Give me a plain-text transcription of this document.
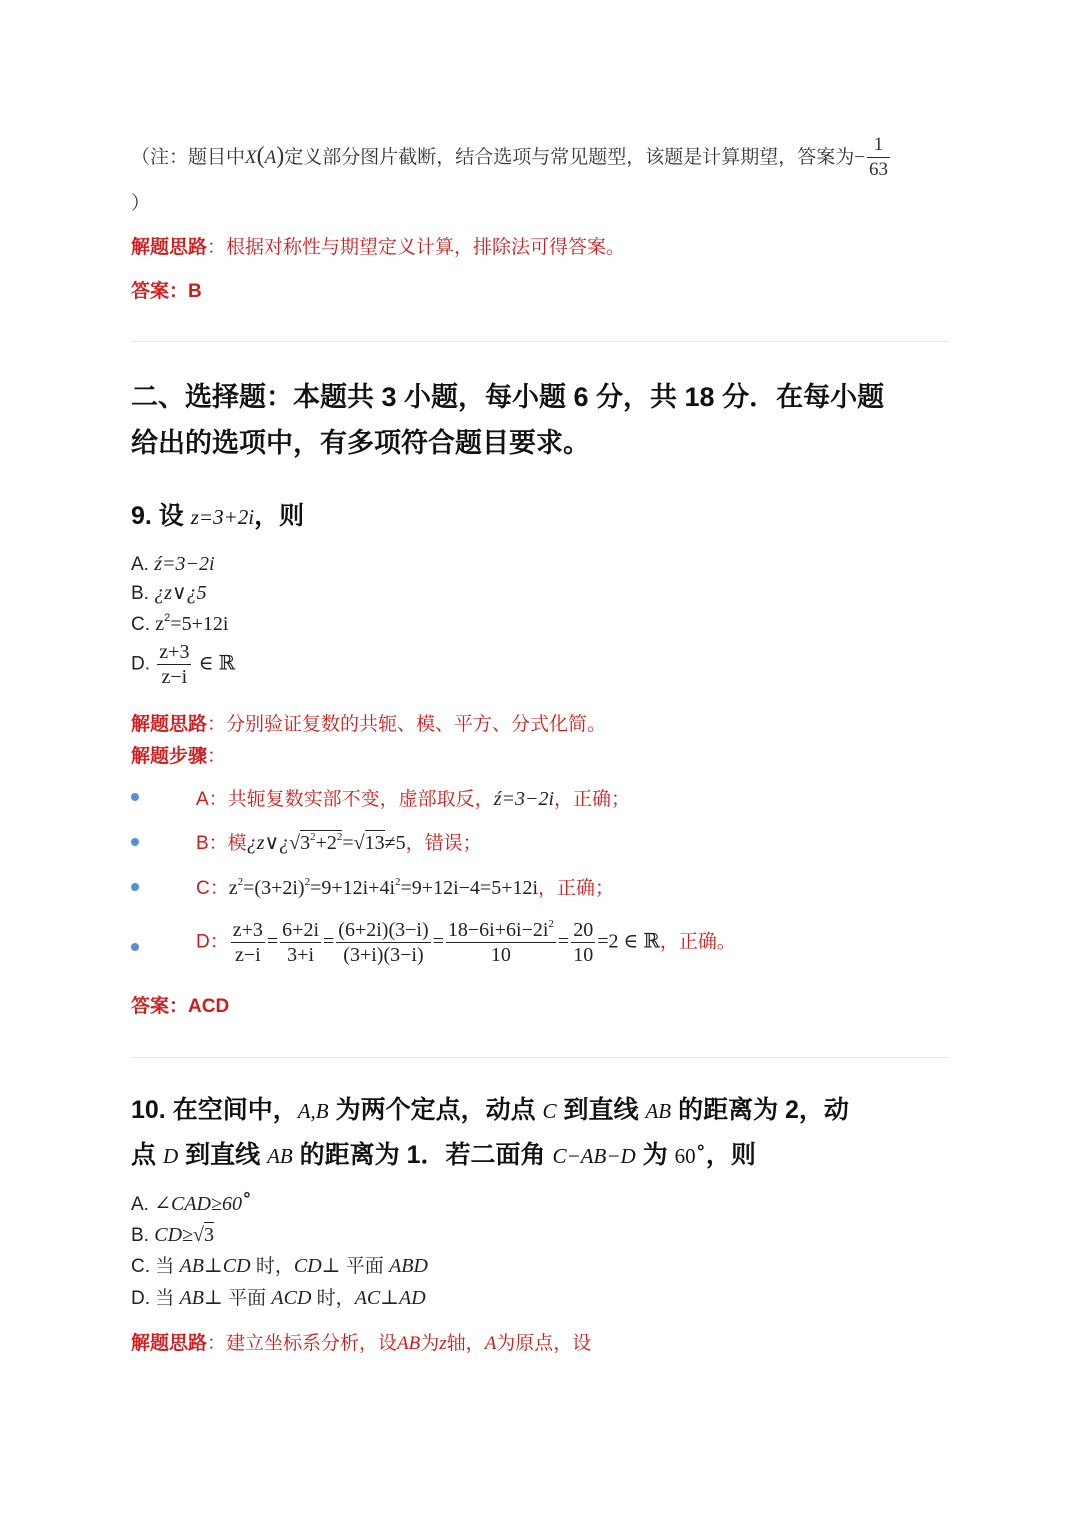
（注：题目中X(A)定义部分图片截断，结合选项与常见题型，该题是计算期望，答案为− $\frac{1}{63}$
）
解题思路：根据对称性与期望定义计算，排除法可得答案。
答案：B
二、选择题：本题共 3 小题，每小题 6 分，共 18 分．在每小题
给出的选项中，有多项符合题目要求。
9. 设 z=3+2i，则
A. ź=3−2i
B. ¿z∨¿5
C. $z^2=5+12i$
D. $\frac{z+3}{z-i}$ ∈ ℝ
解题思路：分别验证复数的共轭、模、平方、分式化简。
解题步骤：
A：共轭复数实部不变，虚部取反，ź=3−2i，正确；
B：模¿$z\vee¿√3^2+2^2=√13\ne 5$，错误；
C：$z^2=(3+2i)^2=9+12i+4i^2=9+12i-4=5+12i$，正确；
D： $\frac{z+3}{z-i} = \frac{6+2i}{3+i} = \frac{(6+2i)(3-i)}{(3+i)(3-i)} = \frac{18-6i+6i-2i^2}{10} = \frac{20}{10} =2$ ∈ ℝ，正确。
答案：ACD
10. 在空间中，A,B 为两个定点，动点 C 到直线 AB 的距离为 2，动
点 D 到直线 AB 的距离为 1．若二面角 C−AB−D 为 60∘，则
A. ∠CAD≥60∘
B. CD≥√3
C. 当 AB⊥CD 时，CD⊥ 平面 ABD
D. 当 AB⊥ 平面 ACD 时，AC⊥AD
解题思路：建立坐标系分析，设AB为z轴，A为原点，设
